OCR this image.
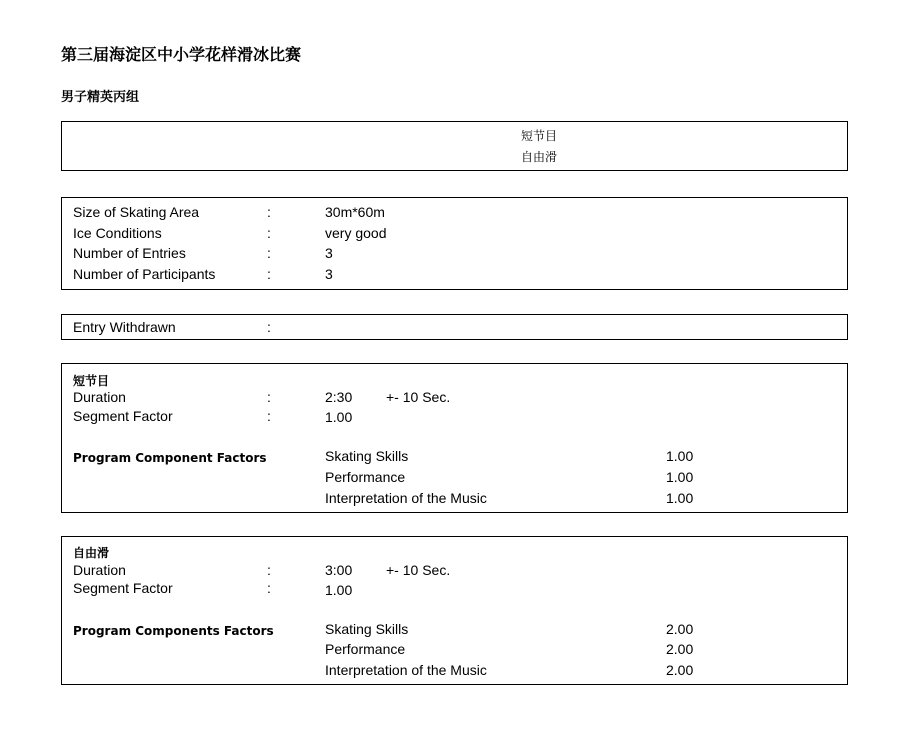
第三届海淀区中小学花样滑冰比赛
男子精英丙组
短节目
自由滑
Size of Skating Area	:	30m*60m
Ice Conditions	:	very good
Number of Entries	:	3
Number of Participants	:	3
Entry Withdrawn	:
短节目
Duration	:	2:30 +- 10 Sec.
Segment Factor	:	1.00
Program Component Factors	Skating Skills	1.00
Performance	1.00
Interpretation of the Music	1.00
自由滑
Duration	:	3:00 +- 10 Sec.
Segment Factor	:	1.00
Program Components Factors	Skating Skills	2.00
Performance	2.00
Interpretation of the Music	2.00
